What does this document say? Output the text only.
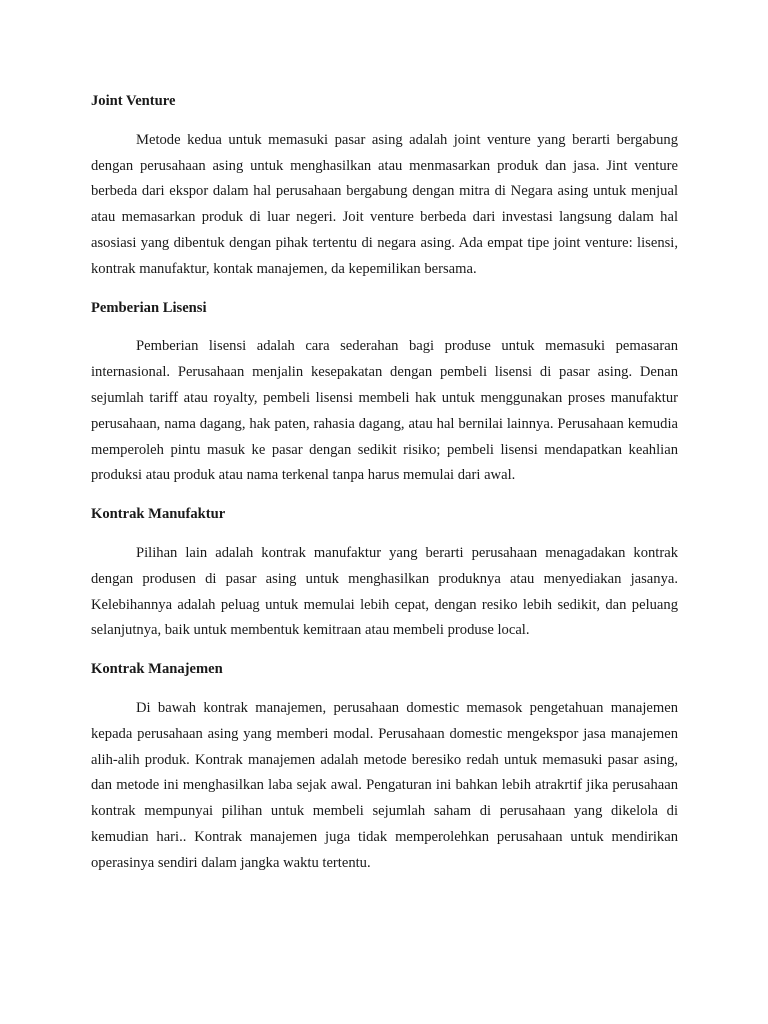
Joint Venture

Metode kedua untuk memasuki pasar asing adalah joint venture yang berarti bergabung dengan perusahaan asing untuk menghasilkan atau menmasarkan produk dan jasa. Jint venture berbeda dari ekspor dalam hal perusahaan bergabung dengan mitra di Negara asing untuk menjual atau memasarkan produk di luar negeri. Joit venture berbeda dari investasi langsung dalam hal asosiasi yang dibentuk dengan pihak tertentu di negara asing. Ada empat tipe joint venture: lisensi, kontrak manufaktur, kontak manajemen, da kepemilikan bersama.

Pemberian Lisensi

Pemberian lisensi adalah cara sederahan bagi produse untuk memasuki pemasaran internasional. Perusahaan menjalin kesepakatan dengan pembeli lisensi di pasar asing. Denan sejumlah tariff atau royalty, pembeli lisensi membeli hak untuk menggunakan proses manufaktur perusahaan, nama dagang, hak paten, rahasia dagang, atau hal bernilai lainnya. Perusahaan kemudia memperoleh pintu masuk ke pasar dengan sedikit risiko; pembeli lisensi mendapatkan keahlian produksi atau produk atau nama terkenal tanpa harus memulai dari awal.

Kontrak Manufaktur

Pilihan lain adalah kontrak manufaktur yang berarti perusahaan menagadakan kontrak dengan produsen di pasar asing untuk menghasilkan produknya atau menyediakan jasanya. Kelebihannya adalah peluag untuk memulai lebih cepat, dengan resiko lebih sedikit, dan peluang selanjutnya, baik untuk membentuk kemitraan atau membeli produse local.

Kontrak Manajemen

Di bawah kontrak manajemen, perusahaan domestic memasok pengetahuan manajemen kepada perusahaan asing yang memberi modal. Perusahaan domestic mengekspor jasa manajemen alih-alih produk. Kontrak manajemen adalah metode beresiko redah untuk memasuki pasar asing, dan metode ini menghasilkan laba sejak awal. Pengaturan ini bahkan lebih atrakrtif jika perusahaan kontrak mempunyai pilihan untuk membeli sejumlah saham di perusahaan yang dikelola di kemudian hari.. Kontrak manajemen juga tidak memperolehkan perusahaan untuk mendirikan operasinya sendiri dalam jangka waktu tertentu.
